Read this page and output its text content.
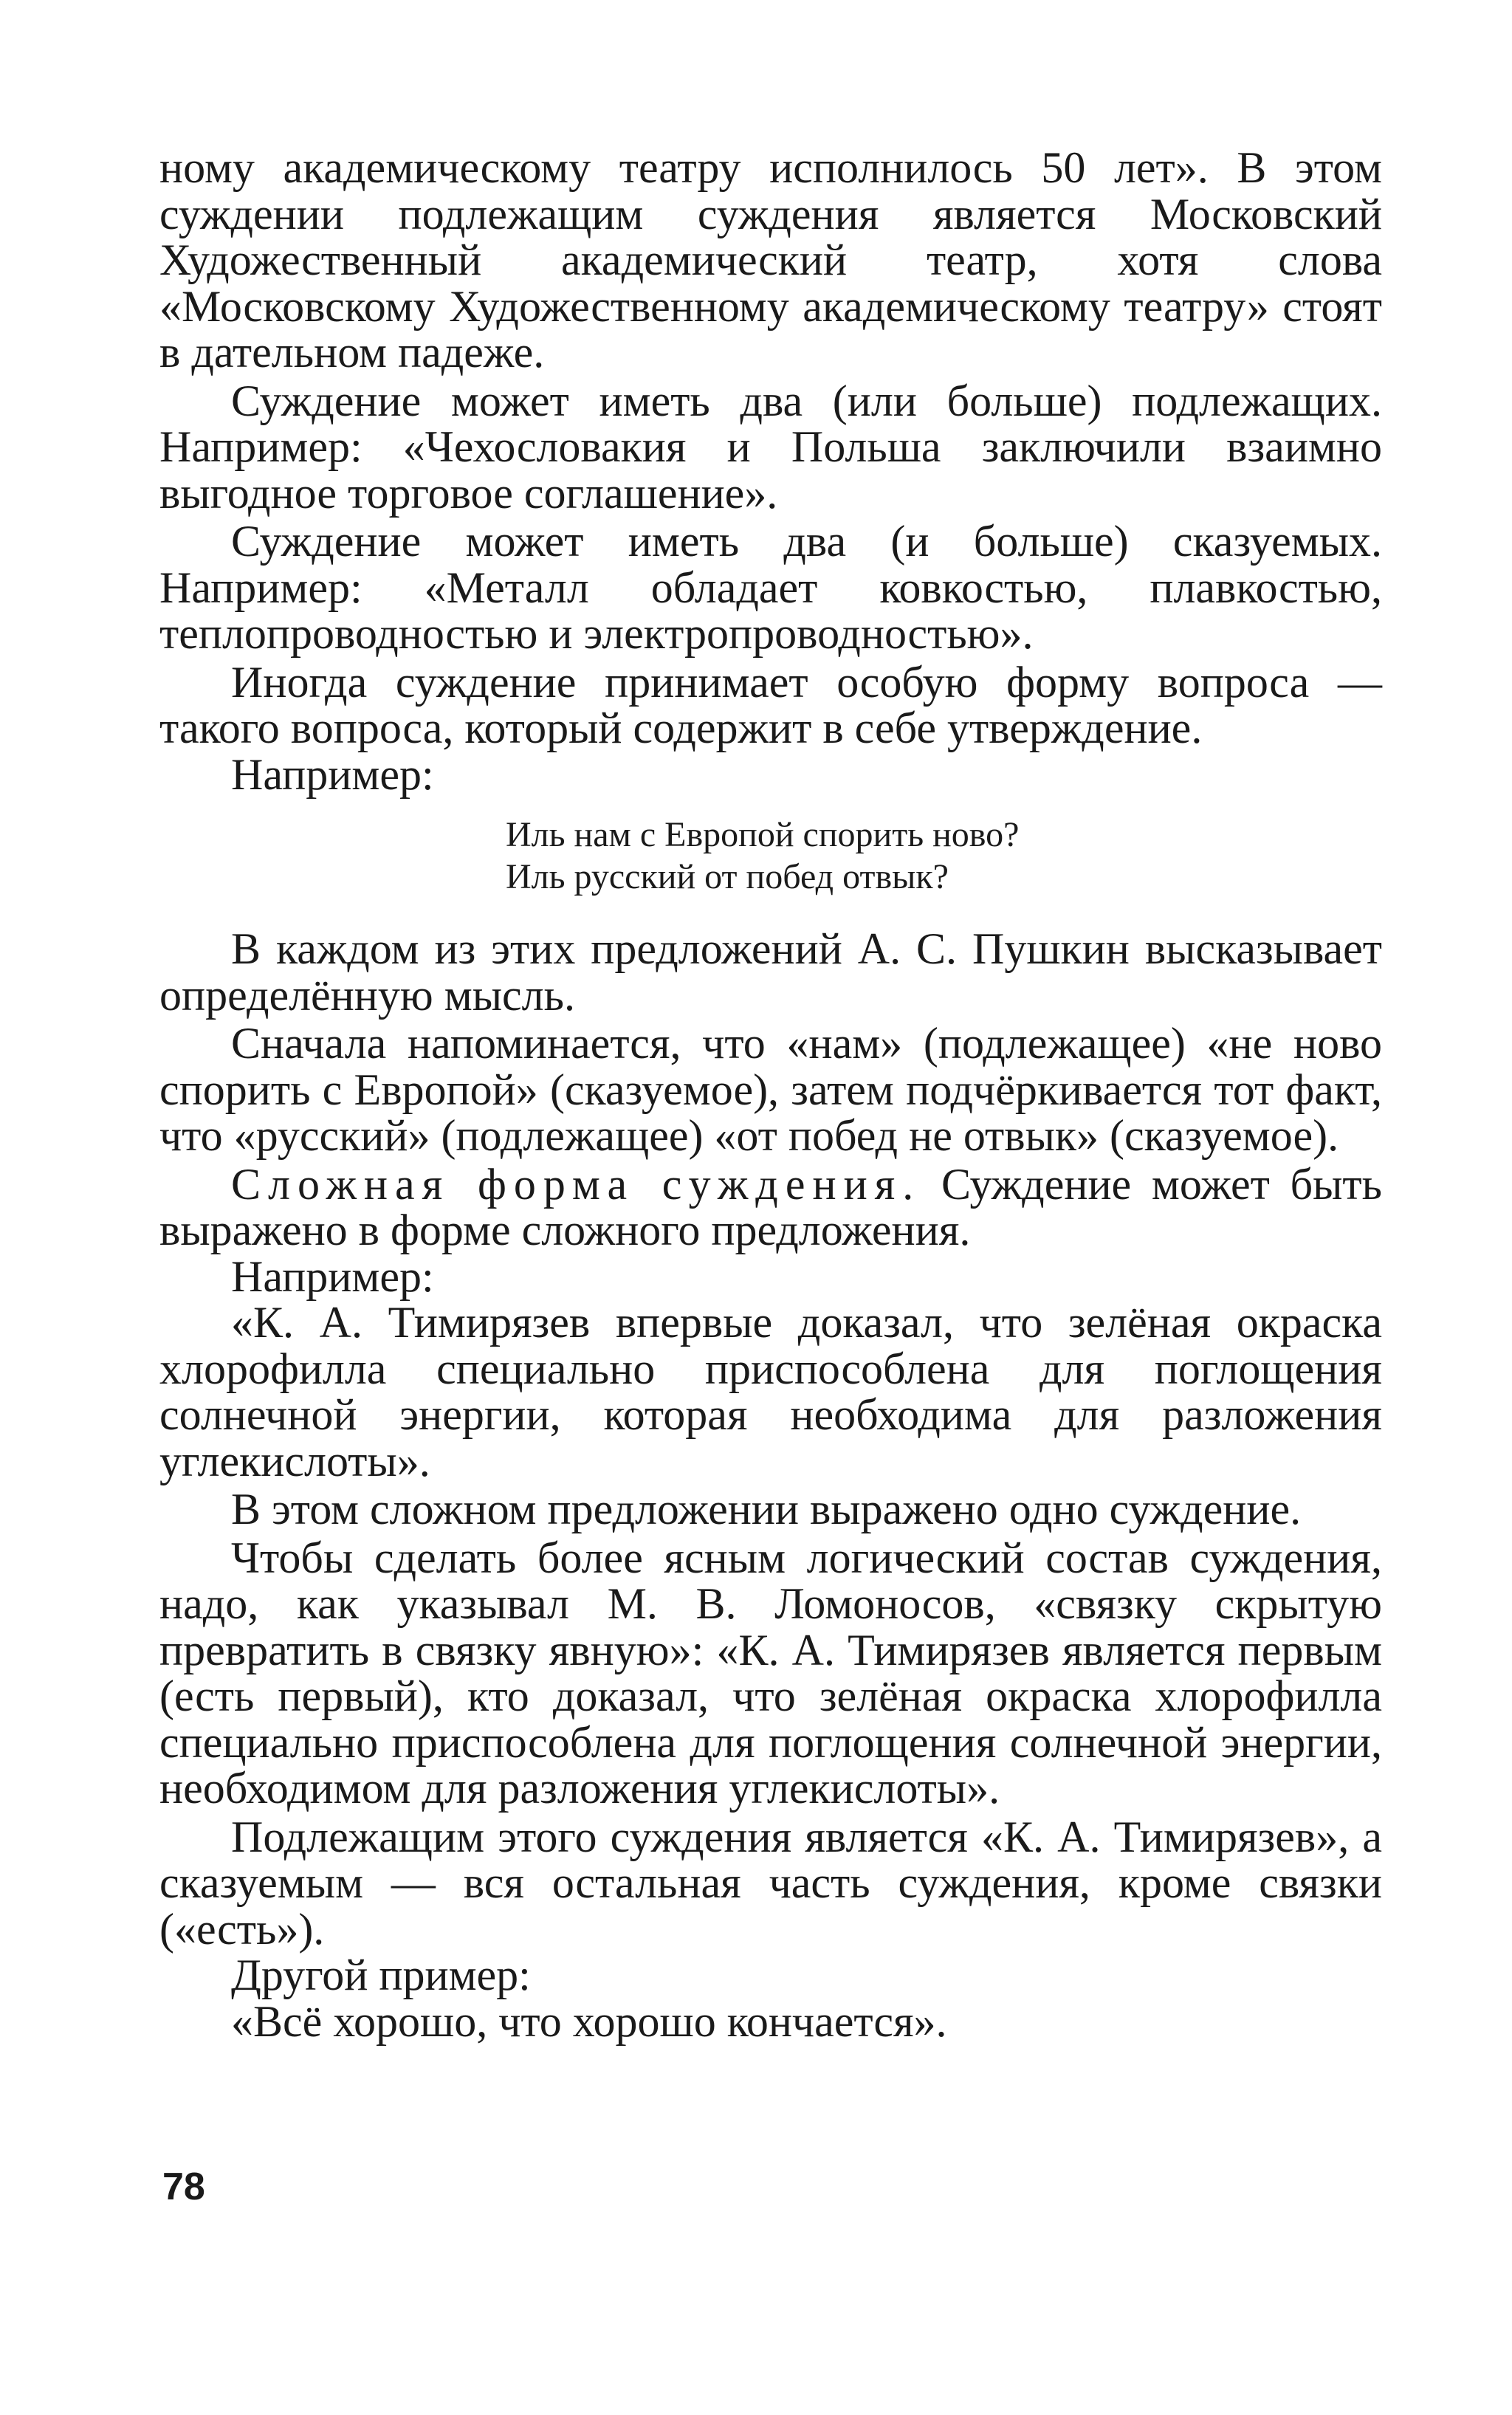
ному академическому театру исполнилось 50 лет». В этом суждении подлежащим суждения является Московский Художественный академический театр, хотя слова «Московскому Художественному академическому театру» стоят в дательном падеже.

Суждение может иметь два (или больше) подлежащих. Например: «Чехословакия и Польша заключили взаимно выгодное торговое соглашение».

Суждение может иметь два (и больше) сказуемых. Например: «Металл обладает ковкостью, плавкостью, теплопроводностью и электропроводностью».

Иногда суждение принимает особую форму вопроса — такого вопроса, который содержит в себе утверждение.

Например:

Иль нам с Европой спорить ново?
Иль русский от побед отвык?

В каждом из этих предложений А. С. Пушкин высказывает определённую мысль.

Сначала напоминается, что «нам» (подлежащее) «не ново спорить с Европой» (сказуемое), затем подчёркивается тот факт, что «русский» (подлежащее) «от побед не отвык» (сказуемое).

Сложная форма суждения. Суждение может быть выражено в форме сложного предложения.

Например:

«К. А. Тимирязев впервые доказал, что зелёная окраска хлорофилла специально приспособлена для поглощения солнечной энергии, которая необходима для разложения углекислоты».

В этом сложном предложении выражено одно суждение.

Чтобы сделать более ясным логический состав суждения, надо, как указывал М. В. Ломоносов, «связку скрытую превратить в связку явную»: «К. А. Тимирязев является первым (есть первый), кто доказал, что зелёная окраска хлорофилла специально приспособлена для поглощения солнечной энергии, необходимом для разложения углекислоты».

Подлежащим этого суждения является «К. А. Тимирязев», а сказуемым — вся остальная часть суждения, кроме связки («есть»).

Другой пример:

«Всё хорошо, что хорошо кончается».

78
